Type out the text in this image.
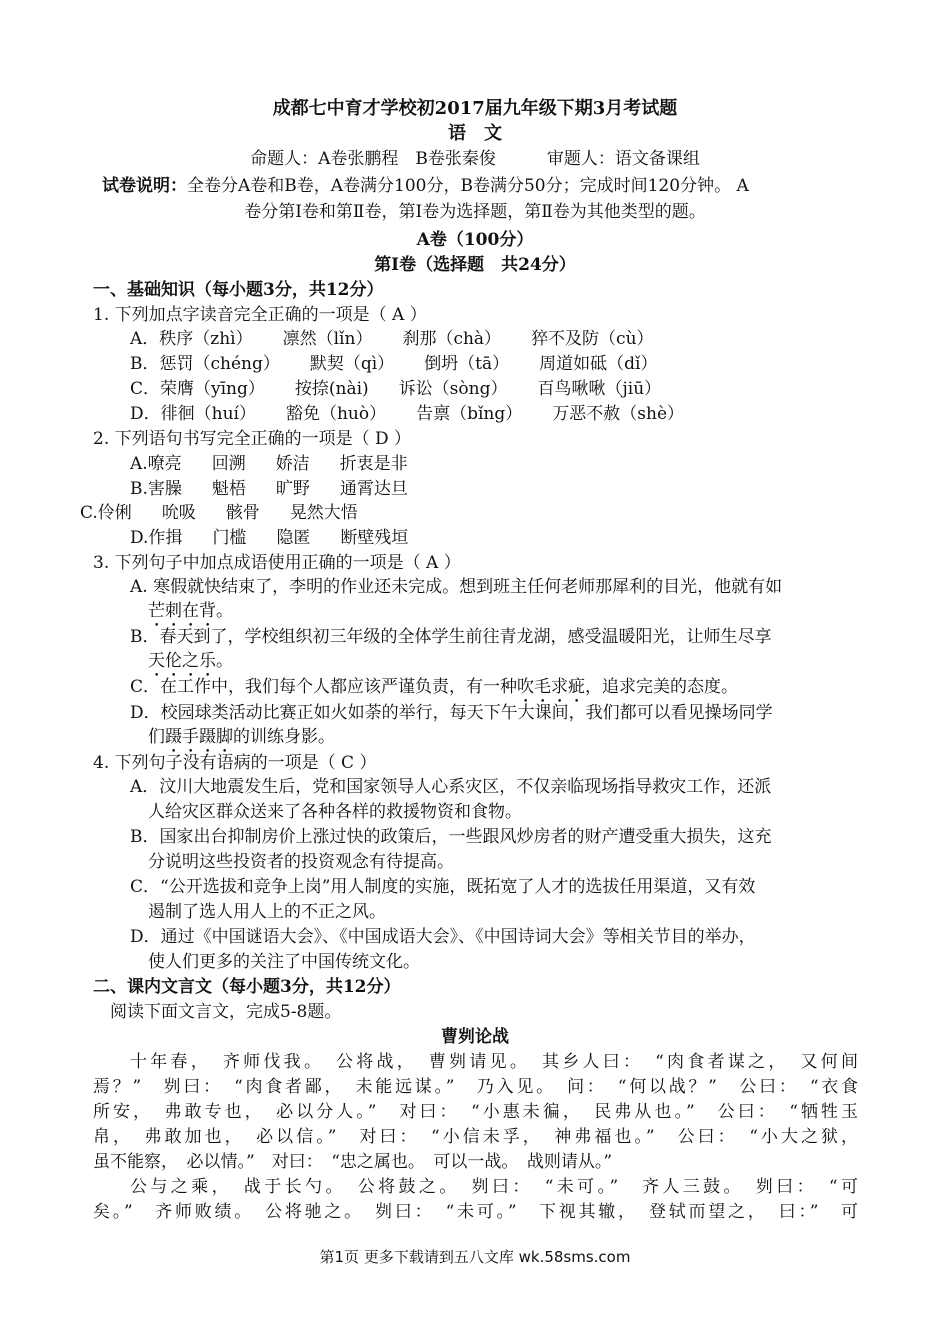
成都七中育才学校初2017届九年级下期3月考试题
语　文
命题人：A卷张鹏程　B卷张秦俊　　　审题人：语文备课组
试卷说明：全卷分A卷和B卷，A卷满分100分，B卷满分50分；完成时间120分钟。 A
卷分第Ⅰ卷和第Ⅱ卷，第Ⅰ卷为选择题，第Ⅱ卷为其他类型的题。
A卷（100分）
第Ⅰ卷（选择题　共24分）
一、基础知识（每小题3分，共12分）
1. 下列加点字读音完全正确的一项是（ A ）
A．秩序（zhì） 凛然（lǐn） 刹那（chà） 猝不及防（cù）
B．惩罚（chéng） 默契（qì） 倒坍（tā） 周道如砥（dǐ）
C．荣膺（yīng） 按捺(nài) 诉讼（sòng） 百鸟啾啾（jiū）
D．徘徊（huí） 豁免（huò） 告禀（bǐng） 万恶不赦（shè）
2. 下列语句书写完全正确的一项是（ D ）
A.嘹亮 回溯 娇洁 折衷是非
B.害臊 魁梧 旷野 通霄达旦
C.伶俐 吮吸 骸骨 晃然大悟
D.作揖 门槛 隐匿 断壁残垣
3. 下列句子中加点成语使用正确的一项是（ A ）
A. 寒假就快结束了，李明的作业还未完成。想到班主任何老师那犀利的目光，他就有如
芒刺在背。
B．春天到了，学校组织初三年级的全体学生前往青龙湖，感受温暖阳光，让师生尽享
天伦之乐。
C．在工作中，我们每个人都应该严谨负责，有一种吹毛求疵，追求完美的态度。
D．校园球类活动比赛正如火如荼的举行，每天下午大课间，我们都可以看见操场同学
们蹑手蹑脚的训练身影。
4. 下列句子没有语病的一项是（ C ）
A．汶川大地震发生后，党和国家领导人心系灾区，不仅亲临现场指导救灾工作，还派
人给灾区群众送来了各种各样的救援物资和食物。
B．国家出台抑制房价上涨过快的政策后，一些跟风炒房者的财产遭受重大损失，这充
分说明这些投资者的投资观念有待提高。
C．“公开选拔和竞争上岗”用人制度的实施，既拓宽了人才的选拔任用渠道，又有效
遏制了选人用人上的不正之风。
D．通过《中国谜语大会》、《中国成语大会》、《中国诗词大会》等相关节目的举办，
使人们更多的关注了中国传统文化。
二、课内文言文（每小题3分，共12分）
阅读下面文言文，完成5-8题。
曹刿论战
十年春，　齐师伐我。　公将战，　曹刿请见。　其乡人曰：　“肉食者谋之，　又何间
焉？”　刿曰：　“肉食者鄙，　未能远谋。”　乃入见。　问：　“何以战？”　公曰：　“衣食
所安，　弗敢专也，　必以分人。”　对曰：　“小惠未徧，　民弗从也。”　公曰：　“牺牲玉
帛，　弗敢加也，　必以信。”　对曰：　“小信未孚，　神弗福也。”　公曰：　“小大之狱，
虽不能察，　必以情。”　对曰：　“忠之属也。　可以一战。　战则请从。”
公与之乘，　战于长勺。　公将鼓之。　刿曰：　“未可。”　齐人三鼓。　刿曰：　“可
矣。”　齐师败绩。　公将驰之。　刿曰：　“未可。”　下视其辙，　登轼而望之，　曰：”　可
第1页 更多下载请到五八文库 wk.58sms.com
